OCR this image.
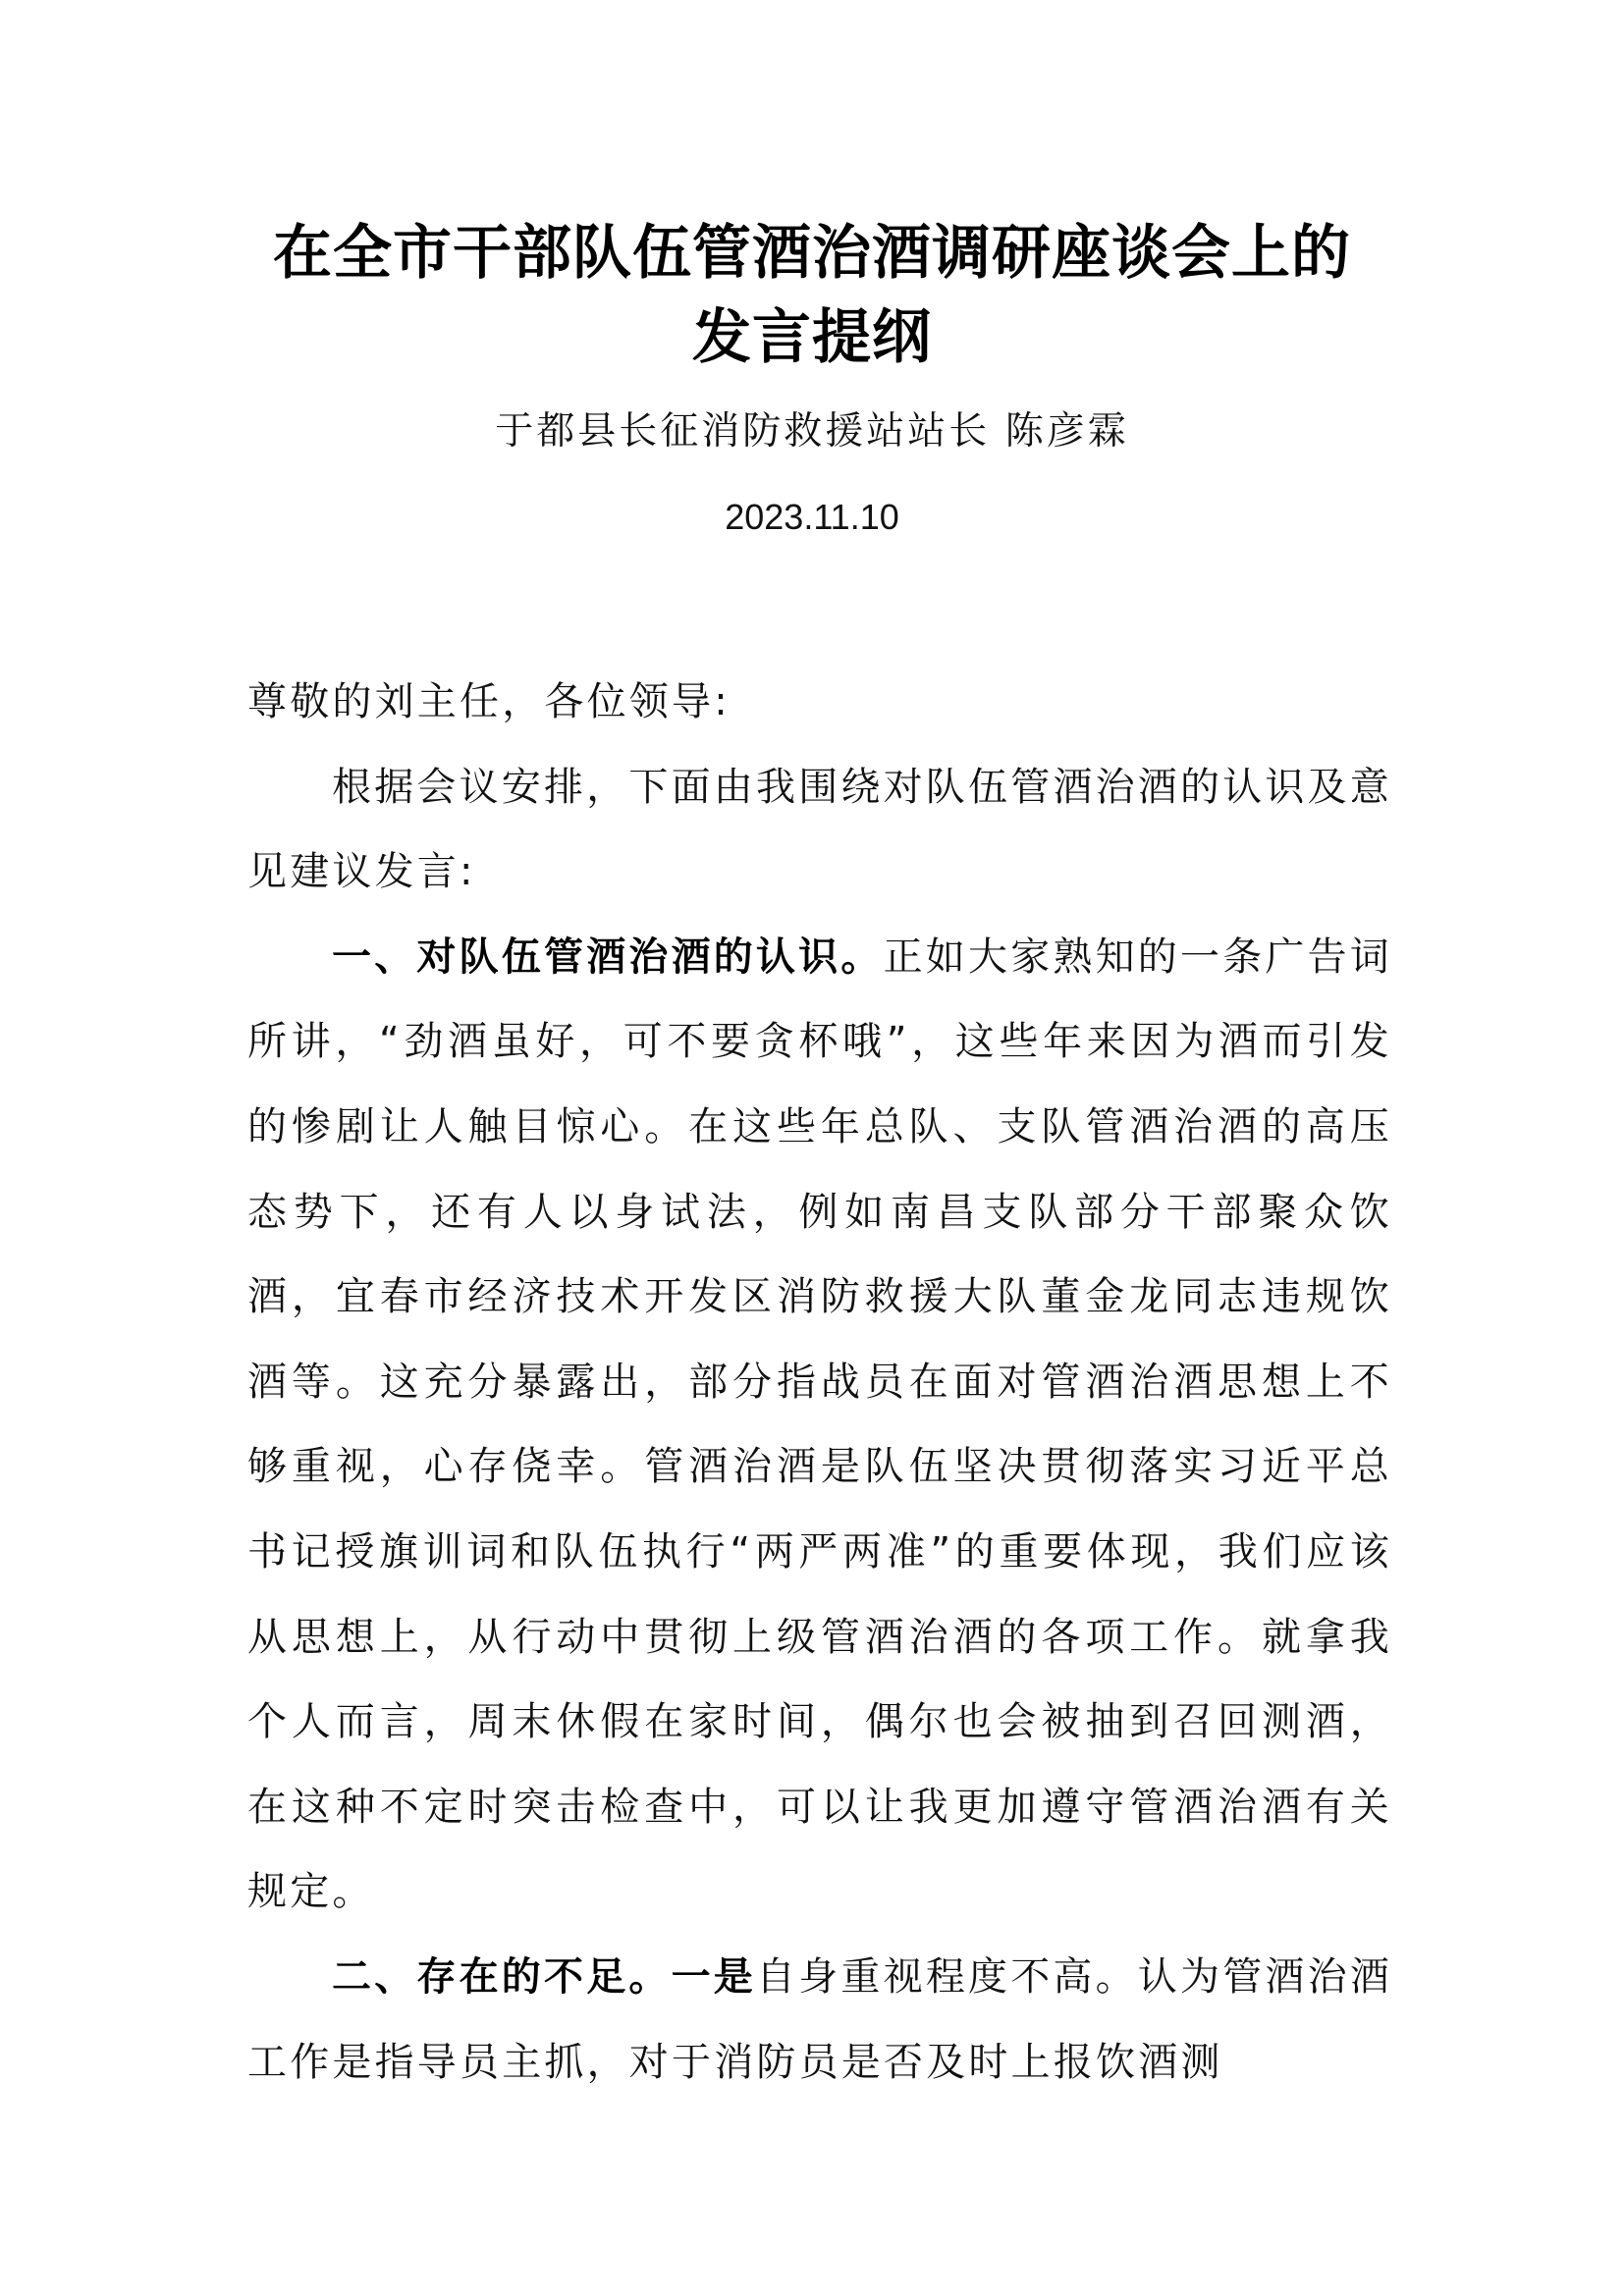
在全市干部队伍管酒治酒调研座谈会上的
发言提纲
于都县长征消防救援站站长 陈彦霖
2023.11.10

尊敬的刘主任，各位领导:

根据会议安排，下面由我围绕对队伍管酒治酒的认识及意见建议发言:

一、对队伍管酒治酒的认识。正如大家熟知的一条广告词所讲，“劲酒虽好，可不要贪杯哦”，这些年来因为酒而引发的惨剧让人触目惊心。在这些年总队、支队管酒治酒的高压态势下，还有人以身试法，例如南昌支队部分干部聚众饮酒，宜春市经济技术开发区消防救援大队董金龙同志违规饮酒等。这充分暴露出，部分指战员在面对管酒治酒思想上不够重视，心存侥幸。管酒治酒是队伍坚决贯彻落实习近平总书记授旗训词和队伍执行“两严两准”的重要体现，我们应该从思想上，从行动中贯彻上级管酒治酒的各项工作。就拿我个人而言，周末休假在家时间，偶尔也会被抽到召回测酒，在这种不定时突击检查中，可以让我更加遵守管酒治酒有关规定。

二、存在的不足。一是自身重视程度不高。认为管酒治酒工作是指导员主抓，对于消防员是否及时上报饮酒测
